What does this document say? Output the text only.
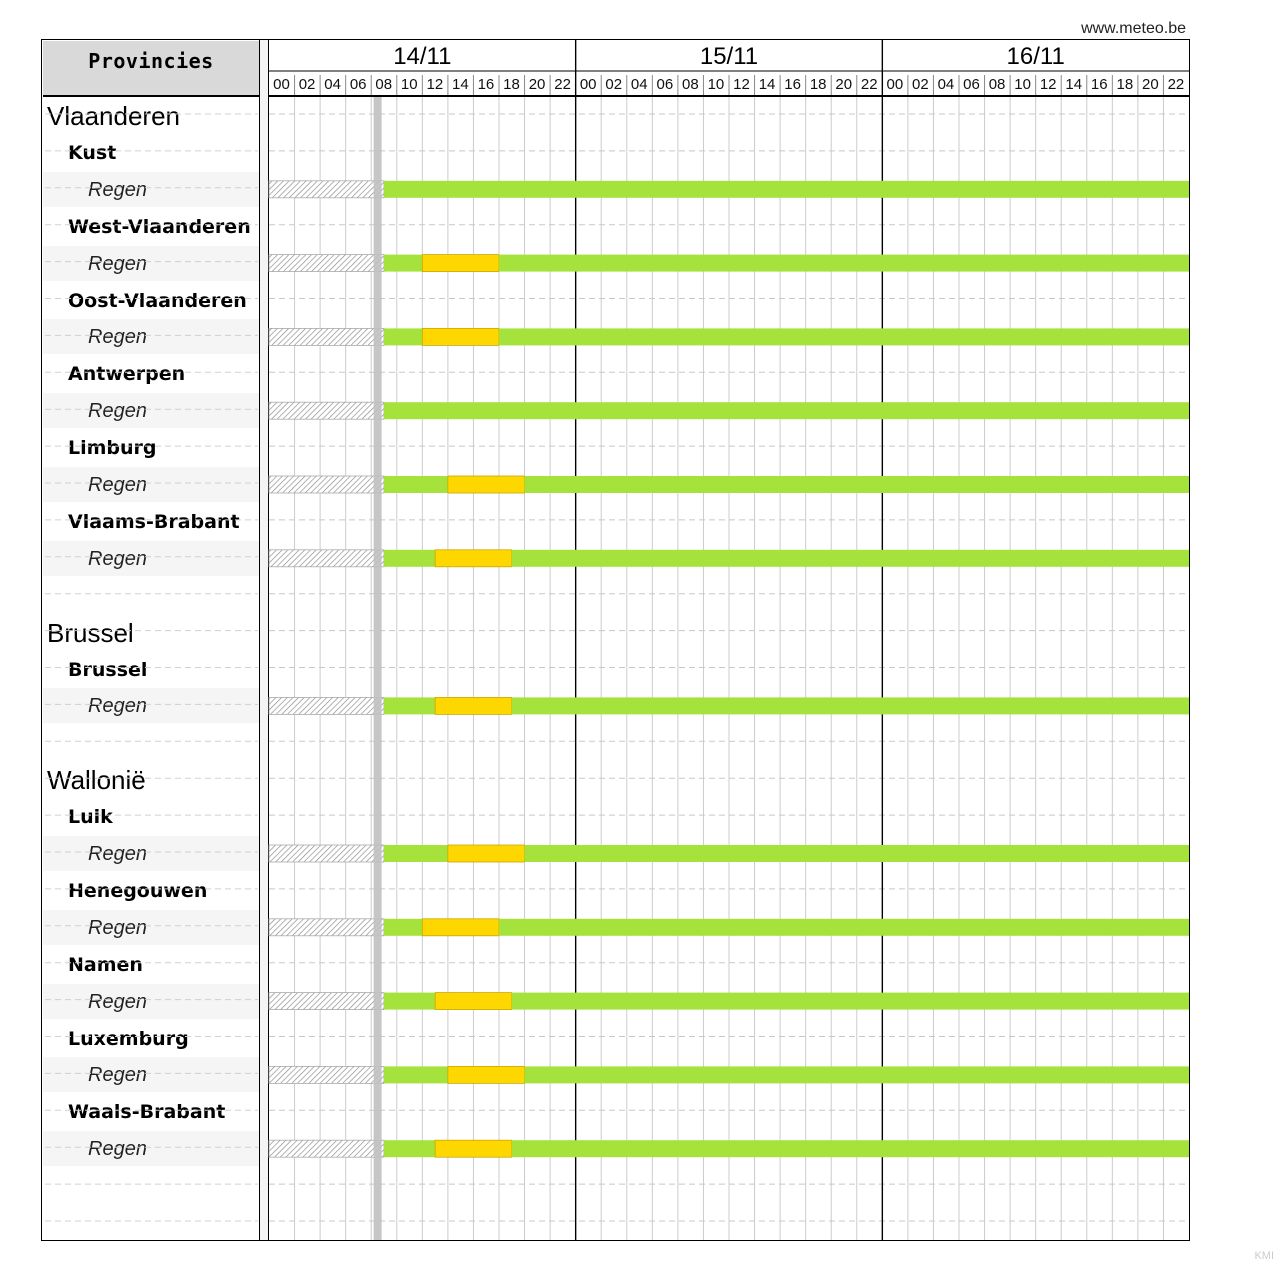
www.meteo.be
Provincies
Vlaanderen
Kust
Regen
West-Vlaanderen
Regen
Oost-Vlaanderen
Regen
Antwerpen
Regen
Limburg
Regen
Vlaams-Brabant
Regen
Brussel
Brussel
Regen
Wallonië
Luik
Regen
Henegouwen
Regen
Namen
Regen
Luxemburg
Regen
Waals-Brabant
Regen
14/11
00 02 04 06 08 10 12 14 16 18 20 22
15/11
00 02 04 06 08 10 12 14 16 18 20 22
16/11
00 02 04 06 08 10 12 14 16 18 20 22
KMI
